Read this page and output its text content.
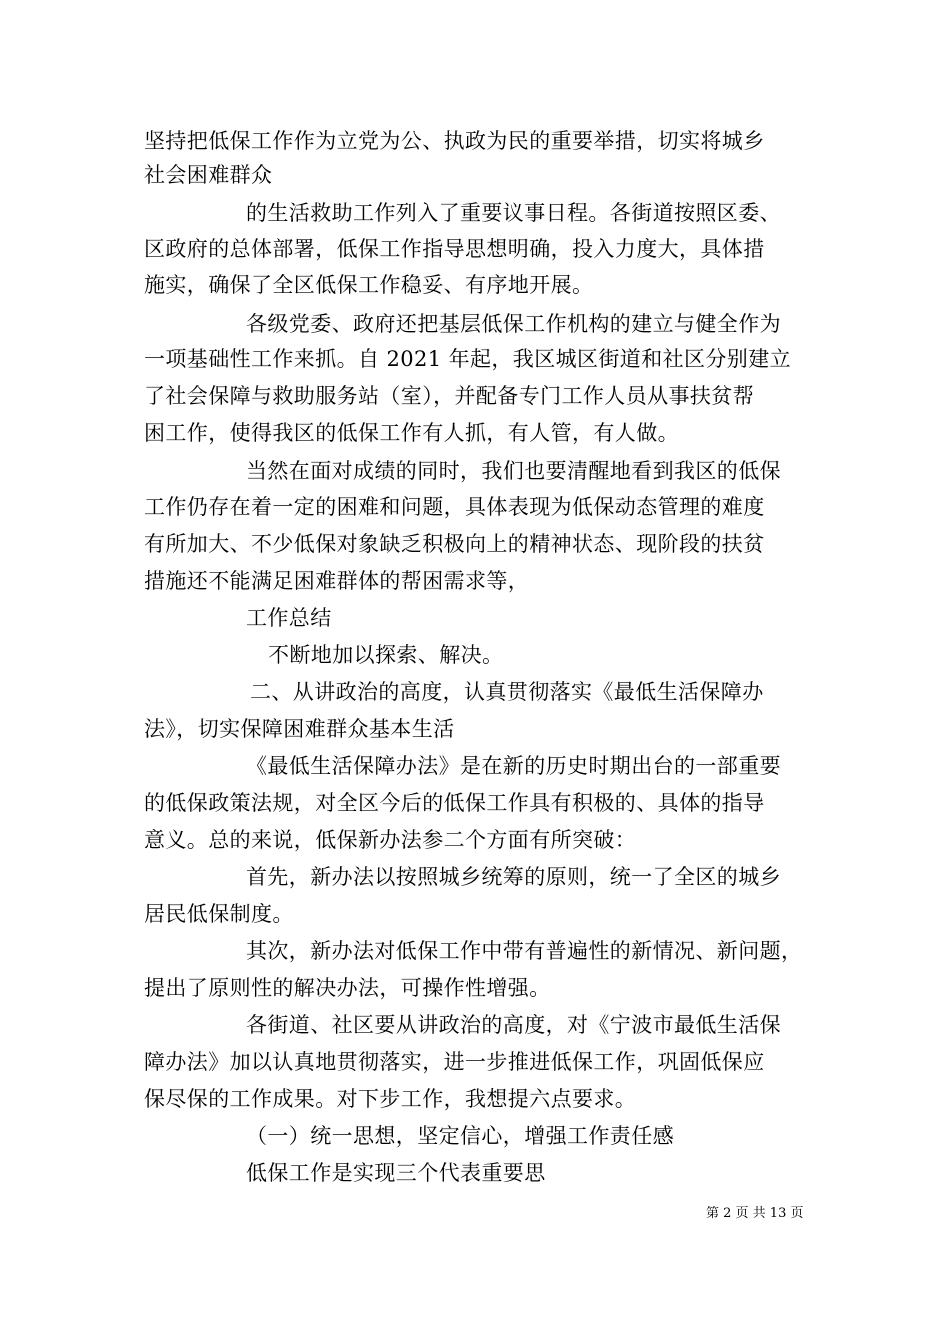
坚持把低保工作作为立党为公、执政为民的重要举措，切实将城乡
社会困难群众
的生活救助工作列入了重要议事日程。各街道按照区委、
区政府的总体部署，低保工作指导思想明确，投入力度大，具体措
施实，确保了全区低保工作稳妥、有序地开展。
各级党委、政府还把基层低保工作机构的建立与健全作为
一项基础性工作来抓。自 2021 年起，我区城区街道和社区分别建立
了社会保障与救助服务站（室），并配备专门工作人员从事扶贫帮
困工作，使得我区的低保工作有人抓，有人管，有人做。
当然在面对成绩的同时，我们也要清醒地看到我区的低保
工作仍存在着一定的困难和问题，具体表现为低保动态管理的难度
有所加大、不少低保对象缺乏积极向上的精神状态、现阶段的扶贫
措施还不能满足困难群体的帮困需求等，
工作总结
不断地加以探索、解决。
二、从讲政治的高度，认真贯彻落实《最低生活保障办
法》，切实保障困难群众基本生活
《最低生活保障办法》是在新的历史时期出台的一部重要
的低保政策法规，对全区今后的低保工作具有积极的、具体的指导
意义。总的来说，低保新办法参二个方面有所突破：
首先，新办法以按照城乡统筹的原则，统一了全区的城乡
居民低保制度。
其次，新办法对低保工作中带有普遍性的新情况、新问题，
提出了原则性的解决办法，可操作性增强。
各街道、社区要从讲政治的高度，对《宁波市最低生活保
障办法》加以认真地贯彻落实，进一步推进低保工作，巩固低保应
保尽保的工作成果。对下步工作，我想提六点要求。
（一）统一思想，坚定信心，增强工作责任感
低保工作是实现三个代表重要思
第 2 页 共 13 页
